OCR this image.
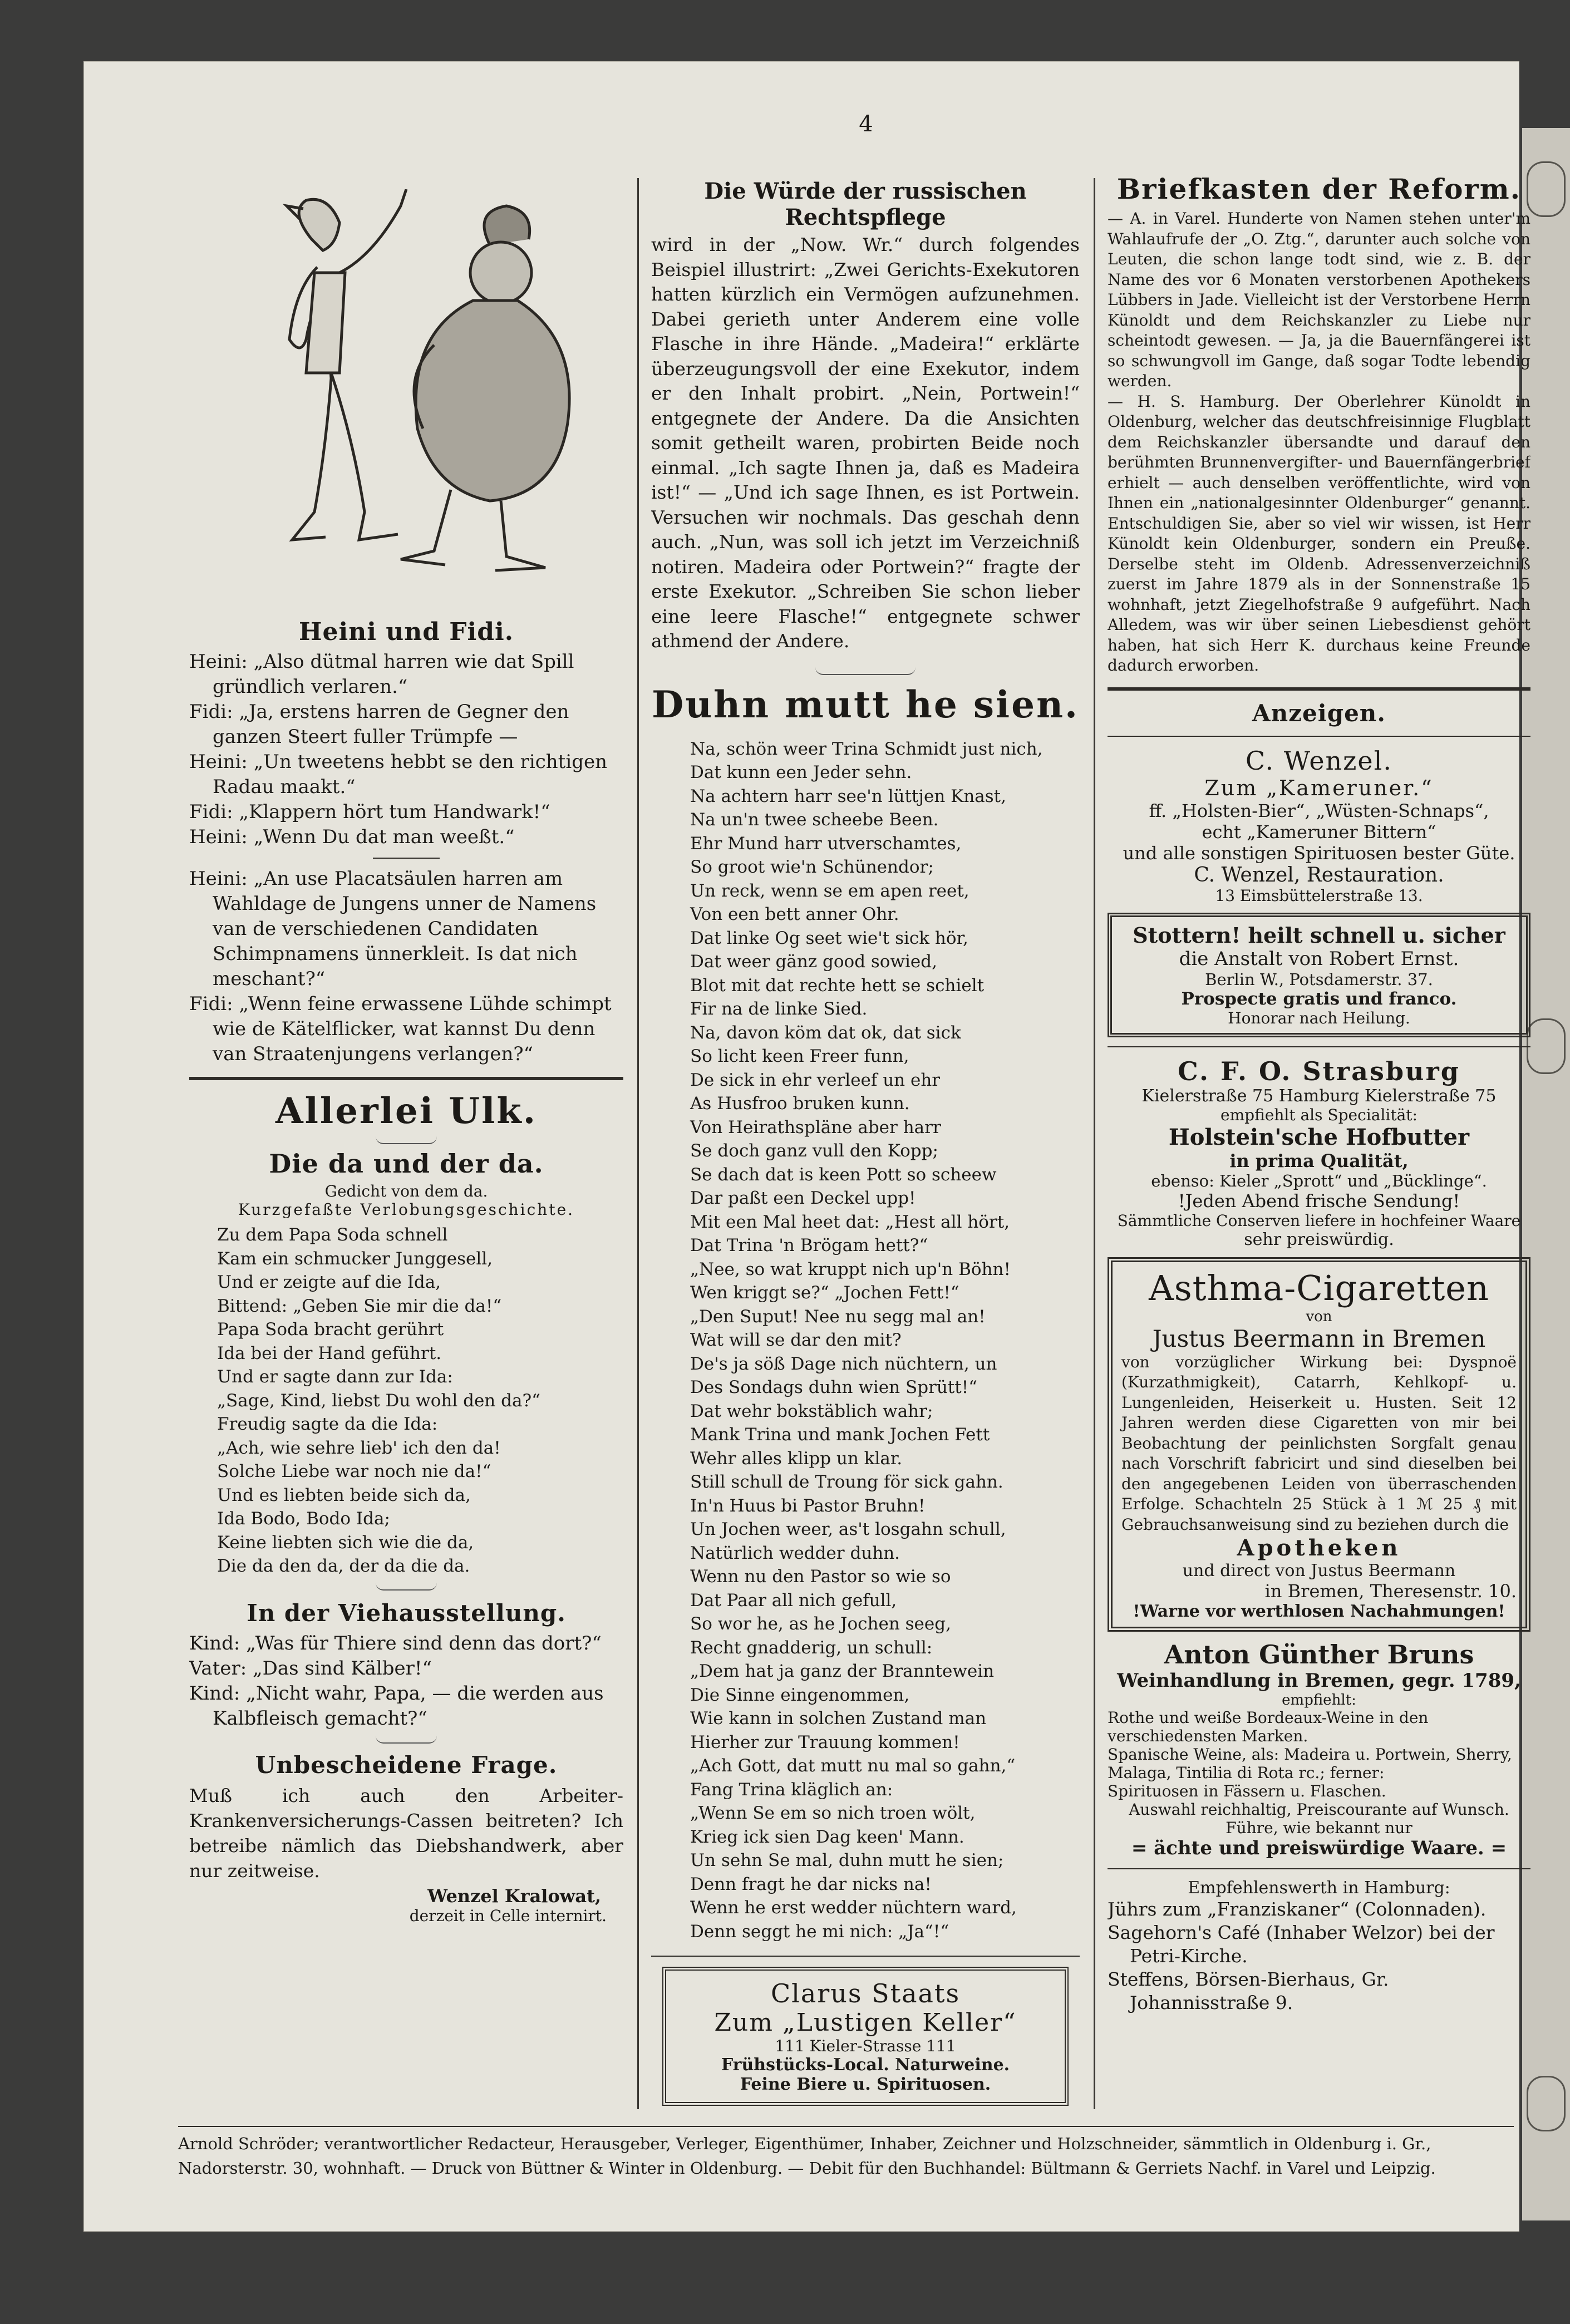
4
Heini und Fidi.

Heini: „Also dütmal harren wie dat Spill gründlich verlaren.“

Fidi: „Ja, erstens harren de Gegner den ganzen Steert fuller Trümpfe —

Heini: „Un tweetens hebbt se den richtigen Radau maakt.“

Fidi: „Klappern hört tum Handwark!“

Heini: „Wenn Du dat man weeßt.“

Heini: „An use Placatsäulen harren am Wahldage de Jungens unner de Namens van de verschiedenen Candidaten Schimpnamens ünnerkleit. Is dat nich meschant?“

Fidi: „Wenn feine erwassene Lühde schimpt wie de Kätelflicker, wat kannst Du denn van Straatenjungens verlangen?“

Allerlei Ulk.
Die da und der da.
Gedicht von dem da.
Kurzgefaßte Verlobungsgeschichte.

Zu dem Papa Soda schnell

Kam ein schmucker Junggesell,

Und er zeigte auf die Ida,

Bittend: „Geben Sie mir die da!“

Papa Soda bracht gerührt

Ida bei der Hand geführt.

Und er sagte dann zur Ida:

„Sage, Kind, liebst Du wohl den da?“

Freudig sagte da die Ida:

„Ach, wie sehre lieb' ich den da!

Solche Liebe war noch nie da!“

Und es liebten beide sich da,

Ida Bodo, Bodo Ida;

Keine liebten sich wie die da,

Die da den da, der da die da.

In der Viehausstellung.

Kind: „Was für Thiere sind denn das dort?“

Vater: „Das sind Kälber!“

Kind: „Nicht wahr, Papa, — die werden aus Kalbfleisch gemacht?“

Unbescheidene Frage.

Muß ich auch den Arbeiter-Krankenversicherungs-Cassen beitreten? Ich betreibe nämlich das Diebshandwerk, aber nur zeitweise.

Wenzel Kralowat,

derzeit in Celle internirt.

Die Würde der russischen Rechtspflege

wird in der „Now. Wr.“ durch folgendes Beispiel illustrirt: „Zwei Gerichts-Exekutoren hatten kürzlich ein Vermögen aufzunehmen. Dabei gerieth unter Anderem eine volle Flasche in ihre Hände. „Madeira!“ erklärte überzeugungsvoll der eine Exekutor, indem er den Inhalt probirt. „Nein, Portwein!“ entgegnete der Andere. Da die Ansichten somit getheilt waren, probirten Beide noch einmal. „Ich sagte Ihnen ja, daß es Madeira ist!“ — „Und ich sage Ihnen, es ist Portwein. Versuchen wir nochmals. Das geschah denn auch. „Nun, was soll ich jetzt im Verzeichniß notiren. Madeira oder Portwein?“ fragte der erste Exekutor. „Schreiben Sie schon lieber eine leere Flasche!“ entgegnete schwer athmend der Andere.

Duhn mutt he sien.

Na, schön weer Trina Schmidt just nich,

Dat kunn een Jeder sehn.

Na achtern harr see'n lüttjen Knast,

Na un'n twee scheebe Been.

Ehr Mund harr utverschamtes,

So groot wie'n Schünendor;

Un reck, wenn se em apen reet,

Von een bett anner Ohr.

Dat linke Og seet wie't sick hör,

Dat weer gänz good sowied,

Blot mit dat rechte hett se schielt

Fir na de linke Sied.

Na, davon köm dat ok, dat sick

So licht keen Freer funn,

De sick in ehr verleef un ehr

As Husfroo bruken kunn.

Von Heirathspläne aber harr

Se doch ganz vull den Kopp;

Se dach dat is keen Pott so scheew

Dar paßt een Deckel upp!

Mit een Mal heet dat: „Hest all hört,

Dat Trina 'n Brögam hett?“

„Nee, so wat kruppt nich up'n Böhn!

Wen kriggt se?“ „Jochen Fett!“

„Den Suput! Nee nu segg mal an!

Wat will se dar den mit?

De's ja söß Dage nich nüchtern, un

Des Sondags duhn wien Sprütt!“

Dat wehr bokstäblich wahr;

Mank Trina und mank Jochen Fett

Wehr alles klipp un klar.

Still schull de Troung för sick gahn.

In'n Huus bi Pastor Bruhn!

Un Jochen weer, as't losgahn schull,

Natürlich wedder duhn.

Wenn nu den Pastor so wie so

Dat Paar all nich gefull,

So wor he, as he Jochen seeg,

Recht gnadderig, un schull:

„Dem hat ja ganz der Branntewein

Die Sinne eingenommen,

Wie kann in solchen Zustand man

Hierher zur Trauung kommen!

„Ach Gott, dat mutt nu mal so gahn,“

Fang Trina kläglich an:

„Wenn Se em so nich troen wölt,

Krieg ick sien Dag keen' Mann.

Un sehn Se mal, duhn mutt he sien;

Denn fragt he dar nicks na!

Wenn he erst wedder nüchtern ward,

Denn seggt he mi nich: „Ja“!“

Clarus Staats
Zum „Lustigen Keller“
111 Kieler-Strasse 111
Frühstücks-Local. Naturweine.
Feine Biere u. Spirituosen.
Briefkasten der Reform.

— A. in Varel. Hunderte von Namen stehen unter'm Wahlaufrufe der „O. Ztg.“, darunter auch solche von Leuten, die schon lange todt sind, wie z. B. der Name des vor 6 Monaten verstorbenen Apothekers Lübbers in Jade. Vielleicht ist der Verstorbene Herrn Künoldt und dem Reichskanzler zu Liebe nur scheintodt gewesen. — Ja, ja die Bauernfängerei ist so schwungvoll im Gange, daß sogar Todte lebendig werden.

— H. S. Hamburg. Der Oberlehrer Künoldt in Oldenburg, welcher das deutschfreisinnige Flugblatt dem Reichskanzler übersandte und darauf den berühmten Brunnenvergifter- und Bauernfängerbrief erhielt — auch denselben veröffentlichte, wird von Ihnen ein „nationalgesinnter Oldenburger“ genannt. Entschuldigen Sie, aber so viel wir wissen, ist Herr Künoldt kein Oldenburger, sondern ein Preuße. Derselbe steht im Oldenb. Adressenverzeichniß zuerst im Jahre 1879 als in der Sonnenstraße 15 wohnhaft, jetzt Ziegelhofstraße 9 aufgeführt. Nach Alledem, was wir über seinen Liebesdienst gehört haben, hat sich Herr K. durchaus keine Freunde dadurch erworben.

Anzeigen.
C. Wenzel.
Zum „Kameruner.“
ff. „Holsten-Bier“, „Wüsten-Schnaps“,
echt „Kameruner Bittern“
und alle sonstigen Spirituosen bester Güte.
C. Wenzel, Restauration.
13 Eimsbüttelerstraße 13.
Stottern! heilt schnell u. sicher
die Anstalt von Robert Ernst.
Berlin W., Potsdamerstr. 37.
Prospecte gratis und franco.
Honorar nach Heilung.
C. F. O. Strasburg
Kielerstraße 75 Hamburg Kielerstraße 75
empfiehlt als Specialität:
Holstein'sche Hofbutter
in prima Qualität,
ebenso: Kieler „Sprott“ und „Bücklinge“.
!Jeden Abend frische Sendung!
Sämmtliche Conserven liefere in hochfeiner Waare
sehr preiswürdig.
Asthma-Cigaretten
von
Justus Beermann in Bremen

von vorzüglicher Wirkung bei: Dyspnoë (Kurzathmigkeit), Catarrh, Kehlkopf- u. Lungenleiden, Heiserkeit u. Husten. Seit 12 Jahren werden diese Cigaretten von mir bei Beobachtung der peinlichsten Sorgfalt genau nach Vorschrift fabricirt und sind dieselben bei den angegebenen Leiden von überraschenden Erfolge. Schachteln 25 Stück à 1 ℳ 25 ₰ mit Gebrauchsanweisung sind zu beziehen durch die

Apotheken
und direct von Justus Beermann
in Bremen, Theresenstr. 10.
!Warne vor werthlosen Nachahmungen!
Anton Günther Bruns
Weinhandlung in Bremen, gegr. 1789,
empfiehlt:
Rothe und weiße Bordeaux-Weine in den verschiedensten Marken.
Spanische Weine, als: Madeira u. Portwein, Sherry, Malaga, Tintilia di Rota rc.; ferner:
Spirituosen in Fässern u. Flaschen.
Auswahl reichhaltig, Preiscourante auf Wunsch.
Führe, wie bekannt nur
= ächte und preiswürdige Waare. =
Empfehlenswerth in Hamburg:

Jührs zum „Franziskaner“ (Colonnaden).

Sagehorn's Café (Inhaber Welzor) bei der Petri-Kirche.

Steffens, Börsen-Bierhaus, Gr. Johannisstraße 9.

Arnold Schröder; verantwortlicher Redacteur, Herausgeber, Verleger, Eigenthümer, Inhaber, Zeichner und Holzschneider, sämmtlich in Oldenburg i. Gr., Nadorsterstr. 30, wohnhaft. — Druck von Büttner & Winter in Oldenburg. — Debit für den Buchhandel: Bültmann & Gerriets Nachf. in Varel und Leipzig.
